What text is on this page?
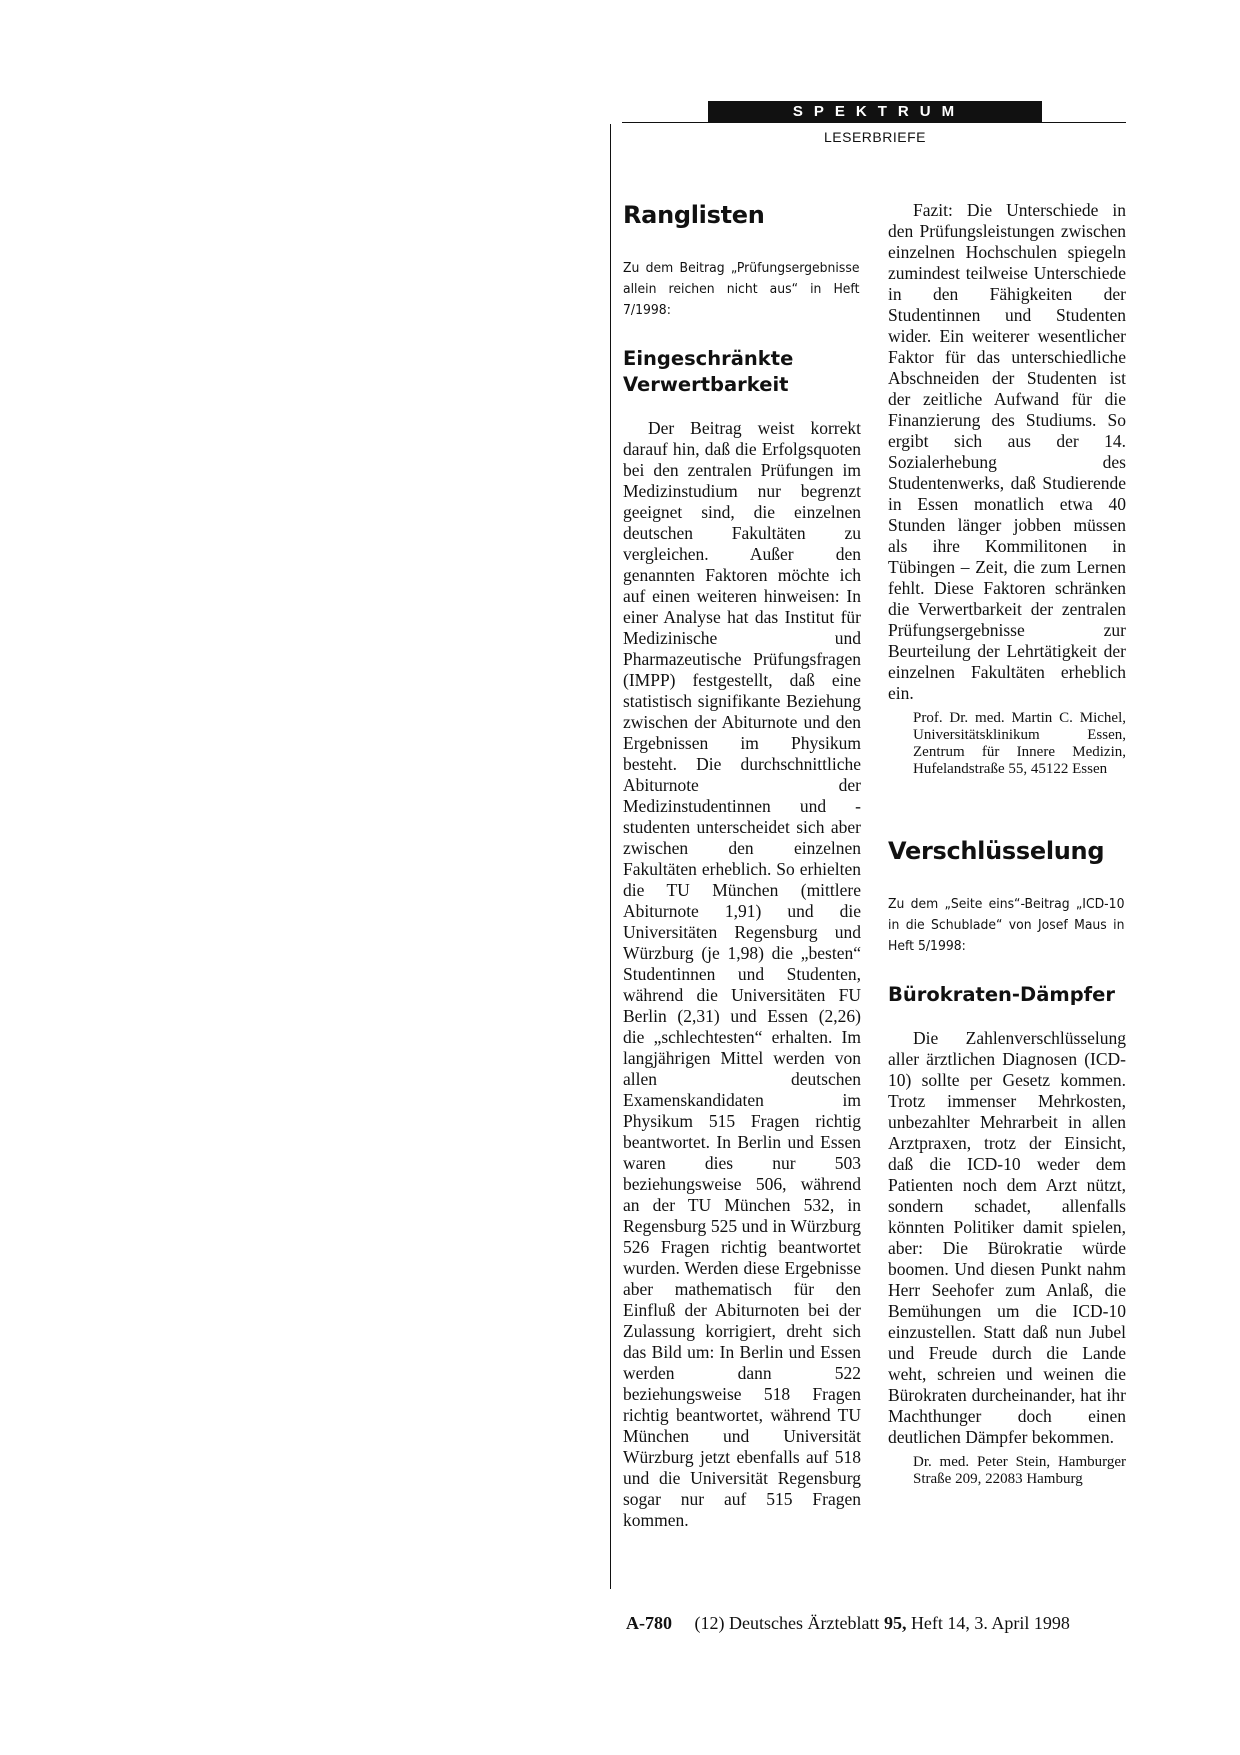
SPEKTRUM
LESERBRIEFE
Ranglisten

Zu dem Beitrag „Prüfungsergebnisse allein reichen nicht aus“ in Heft 7/1998:

Eingeschränkte
Verwertbarkeit

Der Beitrag weist korrekt darauf hin, daß die Erfolgsquoten bei den zentralen Prüfungen im Medizinstudium nur begrenzt geeignet sind, die einzelnen deutschen Fakultäten zu vergleichen. Außer den genannten Faktoren möchte ich auf einen weiteren hinweisen: In einer Analyse hat das Institut für Medizinische und Pharmazeutische Prüfungsfragen (IMPP) festgestellt, daß eine statistisch signifikante Beziehung zwischen der Abiturnote und den Ergebnissen im Physikum besteht. Die durchschnittliche Abiturnote der Medizinstudentinnen und -studenten unterscheidet sich aber zwischen den einzelnen Fakultäten erheblich. So erhielten die TU München (mittlere Abiturnote 1,91) und die Universitäten Regensburg und Würzburg (je 1,98) die „besten“ Studentinnen und Studenten, während die Universitäten FU Berlin (2,31) und Essen (2,26) die „schlechtesten“ erhalten. Im langjährigen Mittel werden von allen deutschen Examenskandidaten im Physikum 515 Fragen richtig beantwortet. In Berlin und Essen waren dies nur 503 beziehungsweise 506, während an der TU München 532, in Regensburg 525 und in Würzburg 526 Fragen richtig beantwortet wurden. Werden diese Ergebnisse aber mathematisch für den Einfluß der Abiturnoten bei der Zulassung korrigiert, dreht sich das Bild um: In Berlin und Essen werden dann 522 beziehungsweise 518 Fragen richtig beantwortet, während TU München und Universität Würzburg jetzt ebenfalls auf 518 und die Universität Regensburg sogar nur auf 515 Fragen kommen.

Fazit: Die Unterschiede in den Prüfungsleistungen zwischen einzelnen Hochschulen spiegeln zumindest teilweise Unterschiede in den Fähigkeiten der Studentinnen und Studenten wider. Ein weiterer wesentlicher Faktor für das unterschiedliche Abschneiden der Studenten ist der zeitliche Aufwand für die Finanzierung des Studiums. So ergibt sich aus der 14. Sozialerhebung des Studentenwerks, daß Studierende in Essen monatlich etwa 40 Stunden länger jobben müssen als ihre Kommilitonen in Tübingen – Zeit, die zum Lernen fehlt. Diese Faktoren schränken die Verwertbarkeit der zentralen Prüfungsergebnisse zur Beurteilung der Lehrtätigkeit der einzelnen Fakultäten erheblich ein.

Prof. Dr. med. Martin C. Michel, Universitätsklinikum Essen, Zentrum für Innere Medizin, Hufelandstraße 55, 45122 Essen

Verschlüsselung

Zu dem „Seite eins“-Beitrag „ICD-10 in die Schublade“ von Josef Maus in Heft 5/1998:

Bürokraten-Dämpfer

Die Zahlenverschlüsselung aller ärztlichen Diagnosen (ICD-10) sollte per Gesetz kommen. Trotz immenser Mehrkosten, unbezahlter Mehrarbeit in allen Arztpraxen, trotz der Einsicht, daß die ICD-10 weder dem Patienten noch dem Arzt nützt, sondern schadet, allenfalls könnten Politiker damit spielen, aber: Die Bürokratie würde boomen. Und diesen Punkt nahm Herr Seehofer zum Anlaß, die Bemühungen um die ICD-10 einzustellen. Statt daß nun Jubel und Freude durch die Lande weht, schreien und weinen die Bürokraten durcheinander, hat ihr Machthunger doch einen deutlichen Dämpfer bekommen.

Dr. med. Peter Stein, Hamburger Straße 209, 22083 Hamburg

A-780 (12) Deutsches Ärzteblatt 95, Heft 14, 3. April 1998
